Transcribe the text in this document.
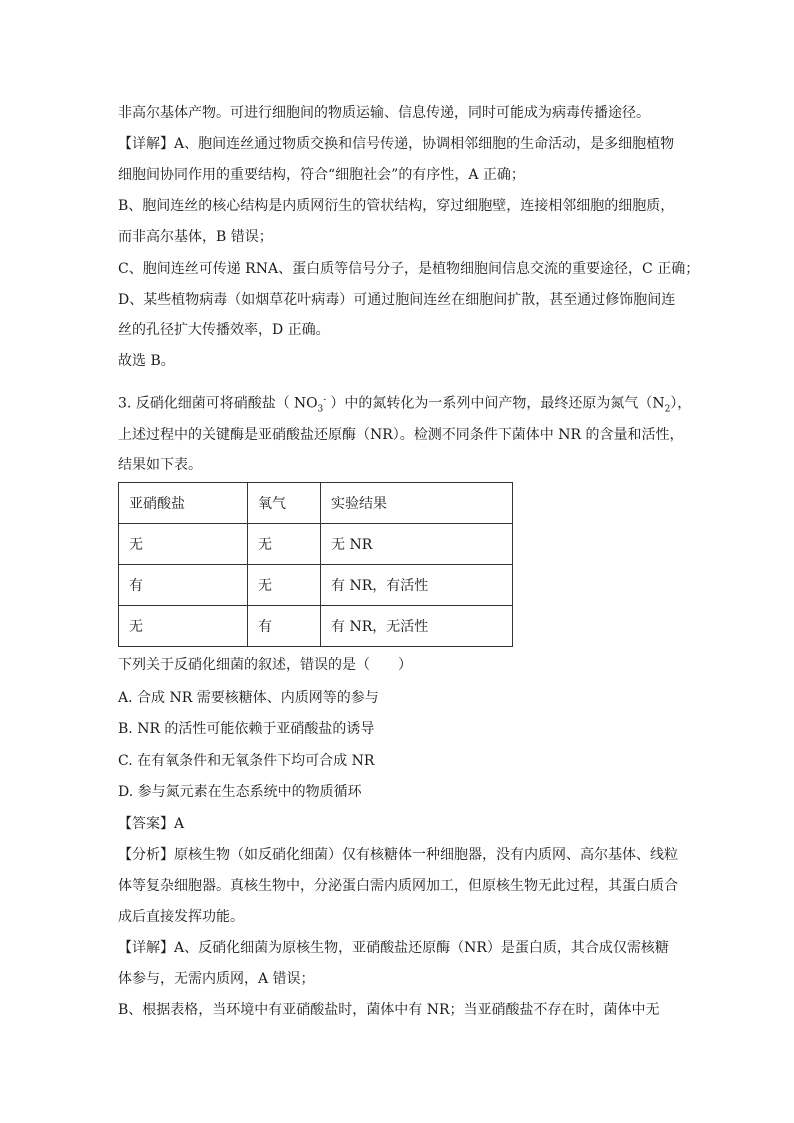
非高尔基体产物。可进行细胞间的物质运输、信息传递，同时可能成为病毒传播途径。
【详解】A、胞间连丝通过物质交换和信号传递，协调相邻细胞的生命活动，是多细胞植物
细胞间协同作用的重要结构，符合“细胞社会”的有序性，A 正确；
B、胞间连丝的核心结构是内质网衍生的管状结构，穿过细胞壁，连接相邻细胞的细胞质，
而非高尔基体，B 错误；
C、胞间连丝可传递 RNA、蛋白质等信号分子，是植物细胞间信息交流的重要途径，C 正确；
D、某些植物病毒（如烟草花叶病毒）可通过胞间连丝在细胞间扩散，甚至通过修饰胞间连
丝的孔径扩大传播效率，D 正确。
故选 B。
3. 反硝化细菌可将硝酸盐（ $NO_3^-$ ）中的氮转化为一系列中间产物，最终还原为氮气$(N_2)$，
上述过程中的关键酶是亚硝酸盐还原酶（NR）。检测不同条件下菌体中 NR 的含量和活性，
结果如下表。
亚硝酸盐	氧气	实验结果
无	无	无 NR
有	无	有 NR，有活性
无	有	有 NR，无活性
下列关于反硝化细菌的叙述，错误的是（　　）
A. 合成 NR 需要核糖体、内质网等的参与
B. NR 的活性可能依赖于亚硝酸盐的诱导
C. 在有氧条件和无氧条件下均可合成 NR
D. 参与氮元素在生态系统中的物质循环
【答案】A
【分析】原核生物（如反硝化细菌）仅有核糖体一种细胞器，没有内质网、高尔基体、线粒
体等复杂细胞器。真核生物中，分泌蛋白需内质网加工，但原核生物无此过程，其蛋白质合
成后直接发挥功能。
【详解】A、反硝化细菌为原核生物，亚硝酸盐还原酶（NR）是蛋白质，其合成仅需核糖
体参与，无需内质网，A 错误；
B、根据表格，当环境中有亚硝酸盐时，菌体中有 NR；当亚硝酸盐不存在时，菌体中无
